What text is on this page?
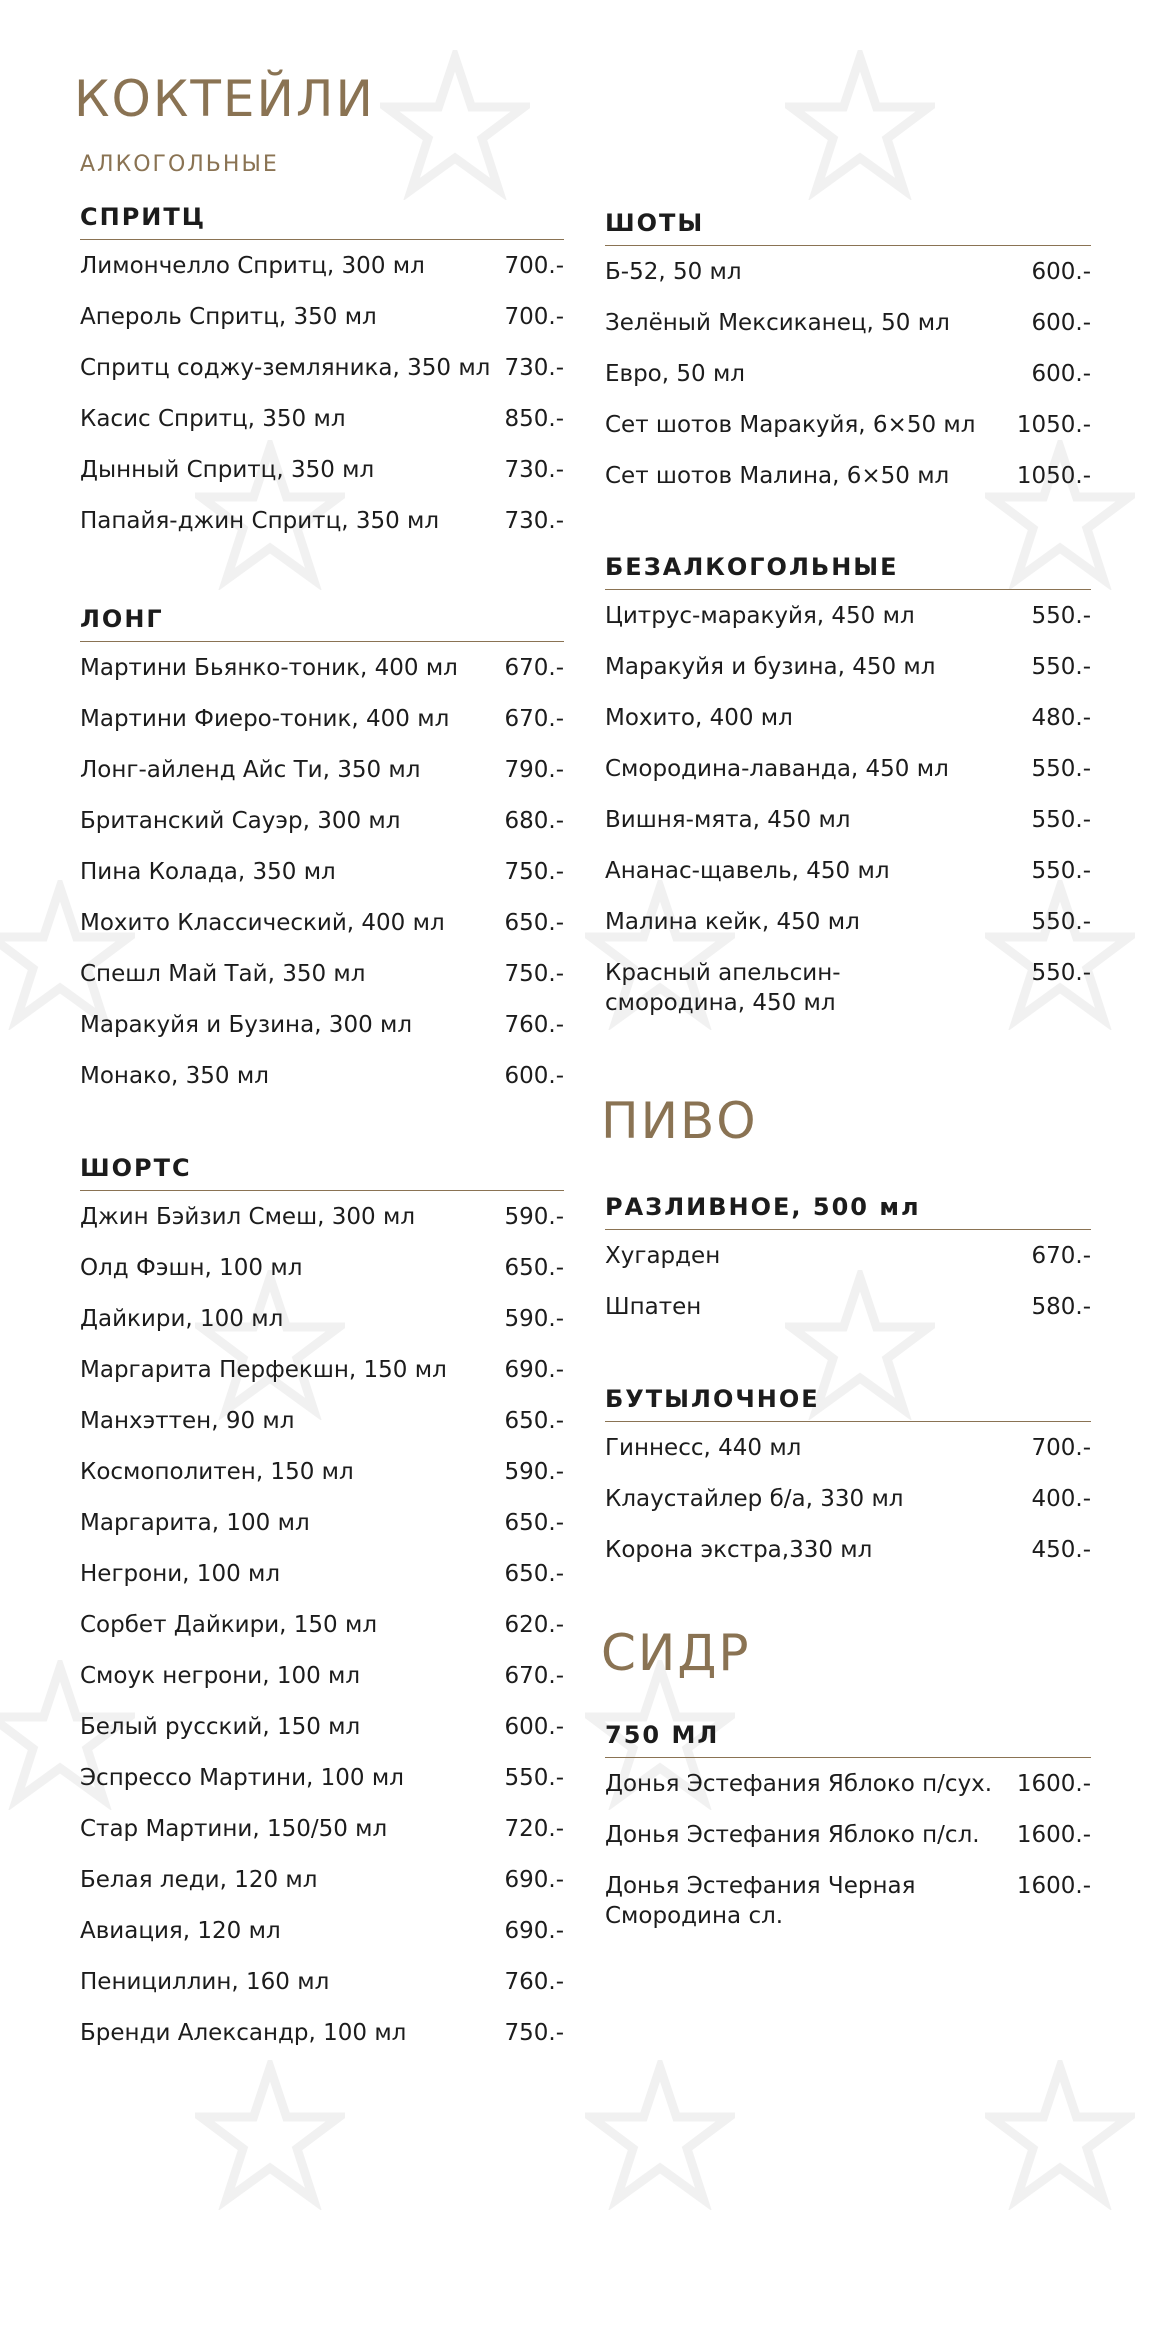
КОКТЕЙЛИ
АЛКОГОЛЬНЫЕ
СПРИТЦ
Лимончелло Спритц, 300 мл	700.-
Апероль Спритц, 350 мл	700.-
Спритц соджу-земляника, 350 мл 730.-
Касис Спритц, 350 мл	850.-
Дынный Спритц, 350 мл	730.-
Папайя-джин Спритц, 350 мл	730.-
ЛОНГ
Мартини Бьянко-тоник, 400 мл	670.-
Мартини Фиеро-тоник, 400 мл	670.-
Лонг-айленд Айс Ти, 350 мл	790.-
Британский Сауэр, 300 мл	680.-
Пина Колада, 350 мл	750.-
Мохито Классический, 400 мл	650.-
Спешл Май Тай, 350 мл	750.-
Маракуйя и Бузина, 300 мл	760.-
Монако, 350 мл	600.-
ШОРТС
Джин Бэйзил Смеш, 300 мл	590.-
Олд Фэшн, 100 мл	650.-
Дайкири, 100 мл	590.-
Маргарита Перфекшн, 150 мл	690.-
Манхэттен, 90 мл	650.-
Космополитен, 150 мл	590.-
Маргарита, 100 мл	650.-
Негрони, 100 мл	650.-
Сорбет Дайкири, 150 мл	620.-
Смоук негрони, 100 мл	670.-
Белый русский, 150 мл	600.-
Эспрессо Мартини, 100 мл	550.-
Стар Мартини, 150/50 мл	720.-
Белая леди, 120 мл	690.-
Авиация, 120 мл	690.-
Пенициллин, 160 мл	760.-
Бренди Александр, 100 мл	750.-
ШОТЫ
Б-52, 50 мл	600.-
Зелёный Мексиканец, 50 мл	600.-
Евро, 50 мл	600.-
Сет шотов Маракуйя, 6×50 мл	1050.-
Сет шотов Малина, 6×50 мл	1050.-
БЕЗАЛКОГОЛЬНЫЕ
Цитрус-маракуйя, 450 мл	550.-
Маракуйя и бузина, 450 мл	550.-
Мохито, 400 мл	480.-
Смородина-лаванда, 450 мл	550.-
Вишня-мята, 450 мл	550.-
Ананас-щавель, 450 мл	550.-
Малина кейк, 450 мл	550.-
Красный апельсин-
смородина, 450 мл
550.-
ПИВО
РАЗЛИВНОЕ, 500 мл
Хугарден	670.-
Шпатен	580.-
БУТЫЛОЧНОЕ
Гиннесс, 440 мл	700.-
Клаустайлер б/а, 330 мл	400.-
Корона экстра,330 мл	450.-
СИДР
750 МЛ
Донья Эстефания Яблоко п/сух.	1600.-
Донья Эстефания Яблоко п/сл.	1600.-
Донья Эстефания Черная
Смородина сл.
1600.-
